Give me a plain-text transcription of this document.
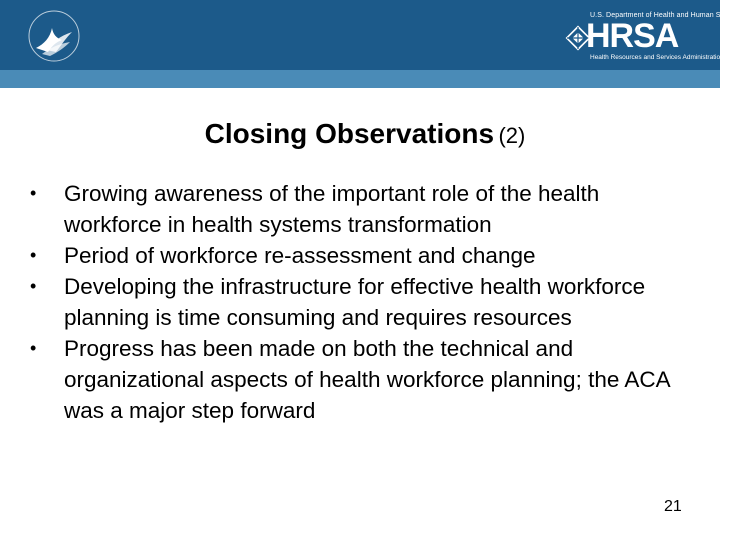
U.S. Department of Health and Human Services
HRSA
Health Resources and Services Administration
Closing Observations (2)
• Growing awareness of the important role of the health workforce in health systems transformation
• Period of workforce re-assessment and change
• Developing the infrastructure for effective health workforce planning is time consuming and requires resources
• Progress has been made on both the technical and organizational aspects of health workforce planning; the ACA was a major step forward
21
